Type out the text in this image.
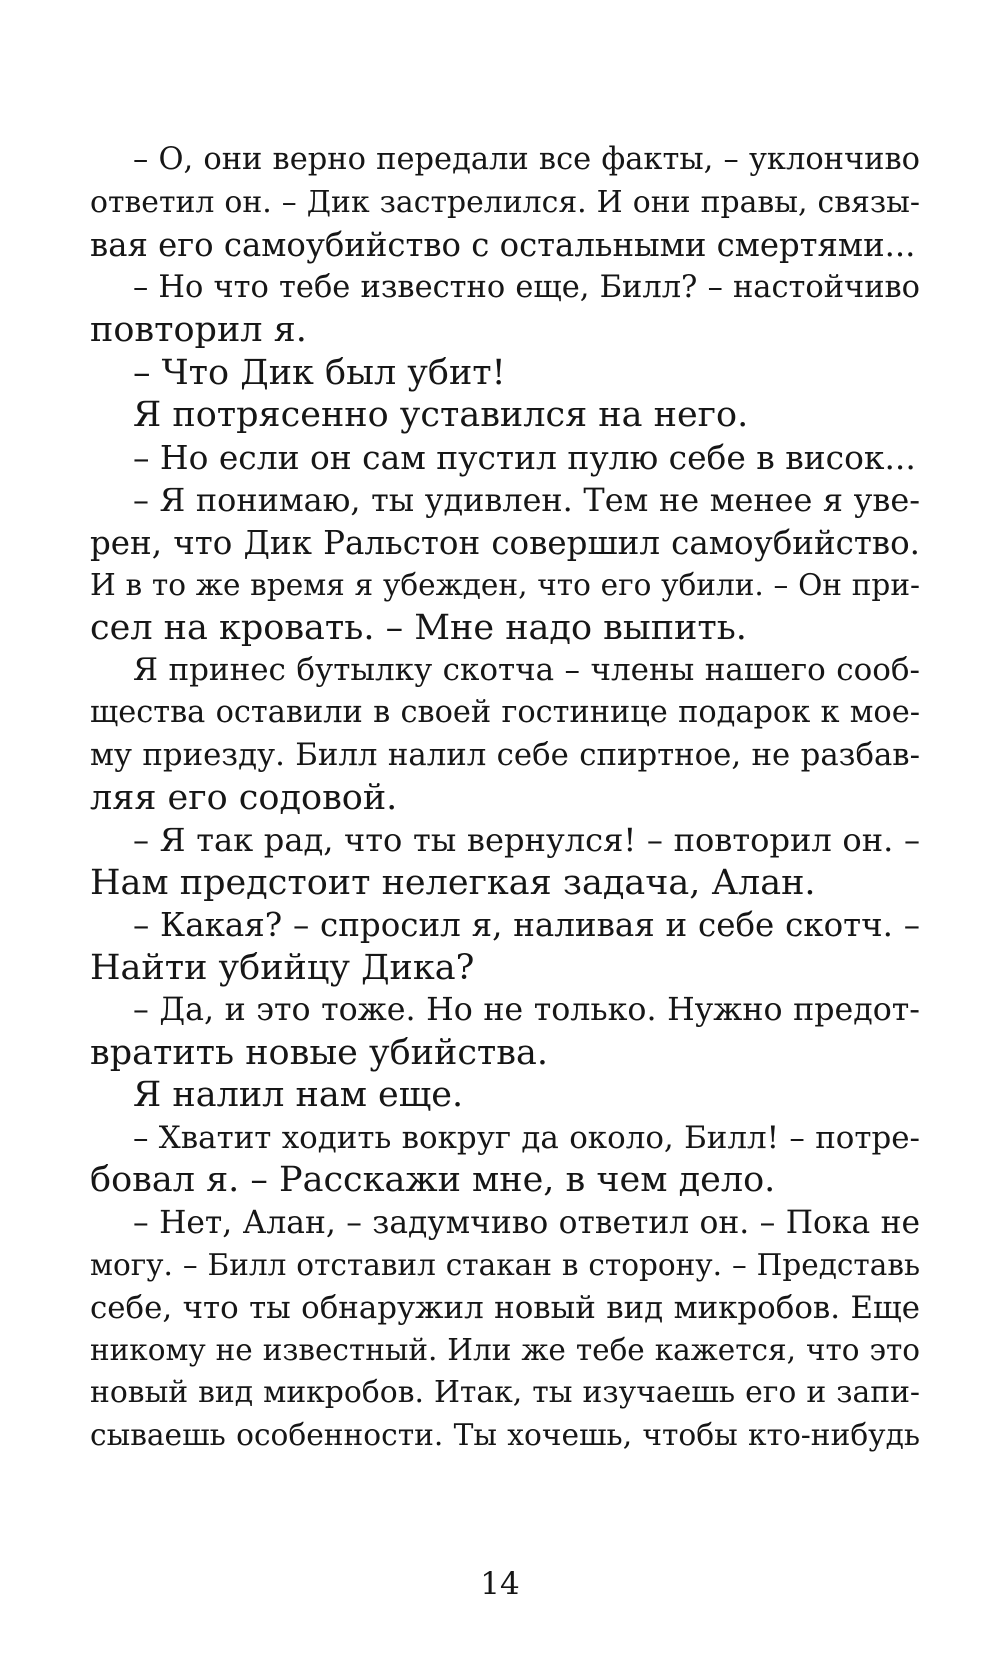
– О, они верно передали все факты, – уклончиво
ответил он. – Дик застрелился. И они правы, связы-
вая его самоубийство с остальными смертями...
– Но что тебе известно еще, Билл? – настойчиво
повторил я.
– Что Дик был убит!
Я потрясенно уставился на него.
– Но если он сам пустил пулю себе в висок...
– Я понимаю, ты удивлен. Тем не менее я уве-
рен, что Дик Ральстон совершил самоубийство.
И в то же время я убежден, что его убили. – Он при-
сел на кровать. – Мне надо выпить.
Я принес бутылку скотча – члены нашего сооб-
щества оставили в своей гостинице подарок к мое-
му приезду. Билл налил себе спиртное, не разбав-
ляя его содовой.
– Я так рад, что ты вернулся! – повторил он. –
Нам предстоит нелегкая задача, Алан.
– Какая? – спросил я, наливая и себе скотч. –
Найти убийцу Дика?
– Да, и это тоже. Но не только. Нужно предот-
вратить новые убийства.
Я налил нам еще.
– Хватит ходить вокруг да около, Билл! – потре-
бовал я. – Расскажи мне, в чем дело.
– Нет, Алан, – задумчиво ответил он. – Пока не
могу. – Билл отставил стакан в сторону. – Представь
себе, что ты обнаружил новый вид микробов. Еще
никому не известный. Или же тебе кажется, что это
новый вид микробов. Итак, ты изучаешь его и запи-
сываешь особенности. Ты хочешь, чтобы кто-нибудь
14
